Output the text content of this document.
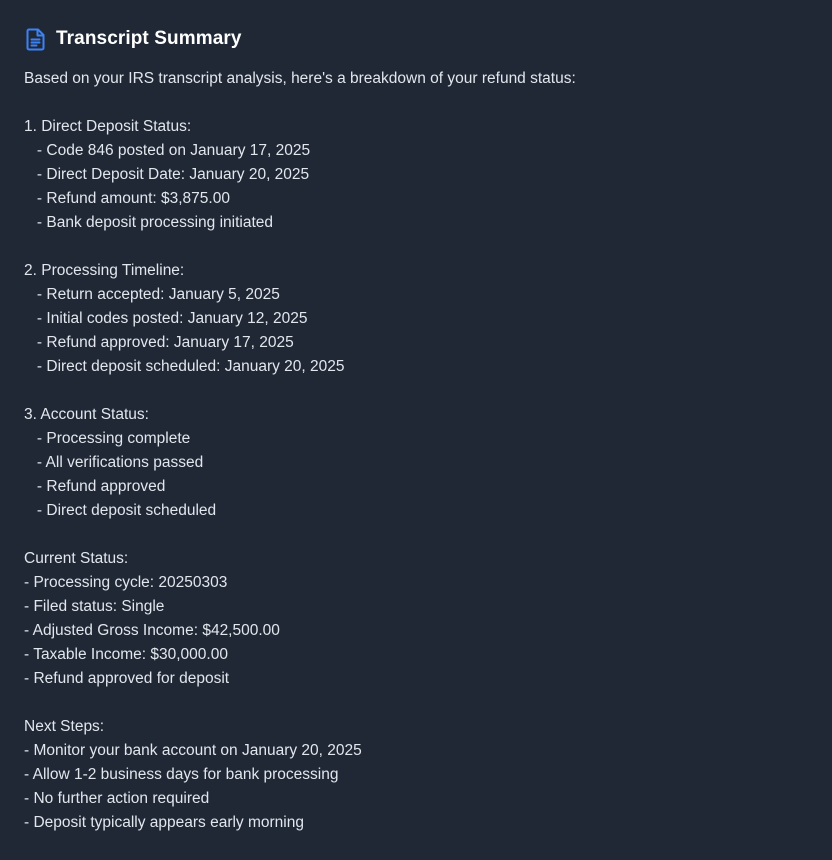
Transcript Summary
Based on your IRS transcript analysis, here's a breakdown of your refund status:
1. Direct Deposit Status:
- Code 846 posted on January 17, 2025
- Direct Deposit Date: January 20, 2025
- Refund amount: $3,875.00
- Bank deposit processing initiated
2. Processing Timeline:
- Return accepted: January 5, 2025
- Initial codes posted: January 12, 2025
- Refund approved: January 17, 2025
- Direct deposit scheduled: January 20, 2025
3. Account Status:
- Processing complete
- All verifications passed
- Refund approved
- Direct deposit scheduled
Current Status:
- Processing cycle: 20250303
- Filed status: Single
- Adjusted Gross Income: $42,500.00
- Taxable Income: $30,000.00
- Refund approved for deposit
Next Steps:
- Monitor your bank account on January 20, 2025
- Allow 1-2 business days for bank processing
- No further action required
- Deposit typically appears early morning
